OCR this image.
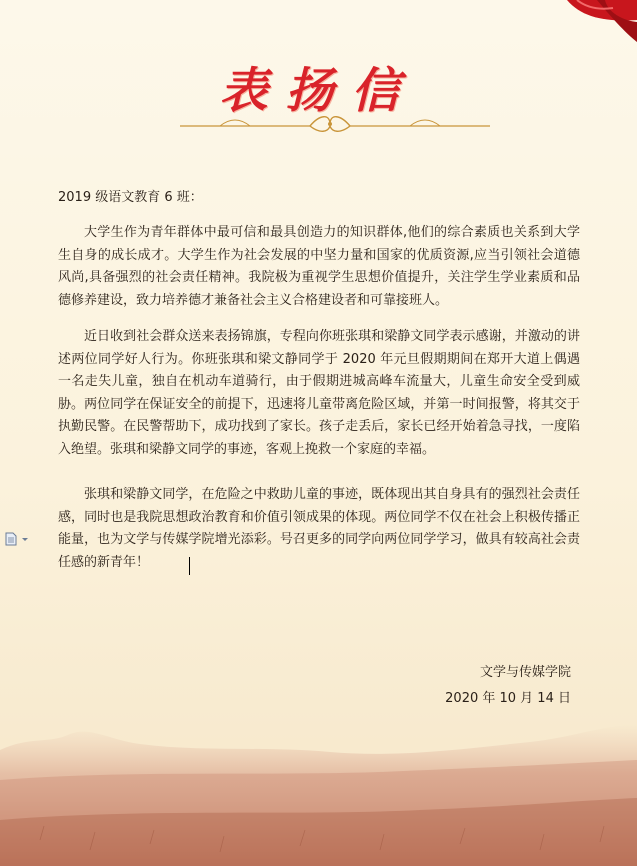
表扬信
2019 级语文教育 6 班：

大学生作为青年群体中最可信和最具创造力的知识群体,他们的综合素质也关系到大学生自身的成长成才。大学生作为社会发展的中坚力量和国家的优质资源,应当引领社会道德风尚,具备强烈的社会责任精神。我院极为重视学生思想价值提升，关注学生学业素质和品德修养建设，致力培养德才兼备社会主义合格建设者和可靠接班人。

近日收到社会群众送来表扬锦旗，专程向你班张琪和梁静文同学表示感谢，并激动的讲述两位同学好人行为。你班张琪和梁文静同学于 2020 年元旦假期期间在郑开大道上偶遇一名走失儿童，独自在机动车道骑行，由于假期进城高峰车流量大，儿童生命安全受到威胁。两位同学在保证安全的前提下，迅速将儿童带离危险区域，并第一时间报警，将其交于执勤民警。在民警帮助下，成功找到了家长。孩子走丢后，家长已经开始着急寻找，一度陷入绝望。张琪和梁静文同学的事迹，客观上挽救一个家庭的幸福。

张琪和梁静文同学，在危险之中救助儿童的事迹，既体现出其自身具有的强烈社会责任感，同时也是我院思想政治教育和价值引领成果的体现。两位同学不仅在社会上积极传播正能量，也为文学与传媒学院增光添彩。号召更多的同学向两位同学学习，做具有较高社会责任感的新青年！

文学与传媒学院
2020 年 10 月 14 日
